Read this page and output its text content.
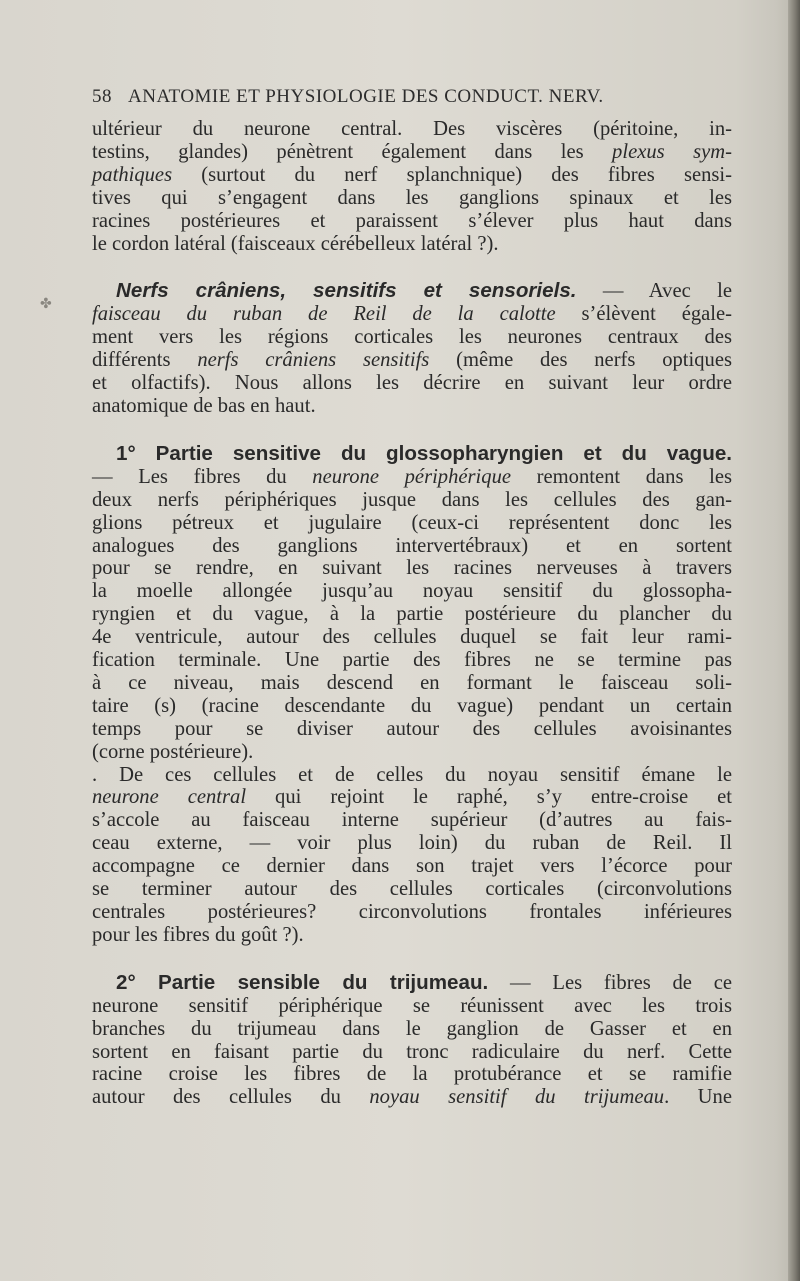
✤
58 ANATOMIE ET PHYSIOLOGIE DES CONDUCT. NERV.

ultérieur du neurone central. Des viscères (péritoine, in-
testins, glandes) pénètrent également dans les plexus sym-
pathiques (surtout du nerf splanchnique) des fibres sensi-
tives qui s’engagent dans les ganglions spinaux et les
racines postérieures et paraissent s’élever plus haut dans
le cordon latéral (faisceaux cérébelleux latéral ?).

Nerfs crâniens, sensitifs et sensoriels. — Avec le
faisceau du ruban de Reil de la calotte s’élèvent égale-
ment vers les régions corticales les neurones centraux des
différents nerfs crâniens sensitifs (même des nerfs optiques
et olfactifs). Nous allons les décrire en suivant leur ordre
anatomique de bas en haut.

1° Partie sensitive du glossopharyngien et du vague.
— Les fibres du neurone périphérique remontent dans les
deux nerfs périphériques jusque dans les cellules des gan-
glions pétreux et jugulaire (ceux-ci représentent donc les
analogues des ganglions intervertébraux) et en sortent
pour se rendre, en suivant les racines nerveuses à travers
la moelle allongée jusqu’au noyau sensitif du glossopha-
ryngien et du vague, à la partie postérieure du plancher du
4e ventricule, autour des cellules duquel se fait leur rami-
fication terminale. Une partie des fibres ne se termine pas
à ce niveau, mais descend en formant le faisceau soli-
taire (s) (racine descendante du vague) pendant un certain
temps pour se diviser autour des cellules avoisinantes
(corne postérieure).

. De ces cellules et de celles du noyau sensitif émane le
neurone central qui rejoint le raphé, s’y entre-croise et
s’accole au faisceau interne supérieur (d’autres au fais-
ceau externe, — voir plus loin) du ruban de Reil. Il
accompagne ce dernier dans son trajet vers l’écorce pour
se terminer autour des cellules corticales (circonvolutions
centrales postérieures? circonvolutions frontales inférieures
pour les fibres du goût ?).

2° Partie sensible du trijumeau. — Les fibres de ce
neurone sensitif périphérique se réunissent avec les trois
branches du trijumeau dans le ganglion de Gasser et en
sortent en faisant partie du tronc radiculaire du nerf. Cette
racine croise les fibres de la protubérance et se ramifie
autour des cellules du noyau sensitif du trijumeau. Une
